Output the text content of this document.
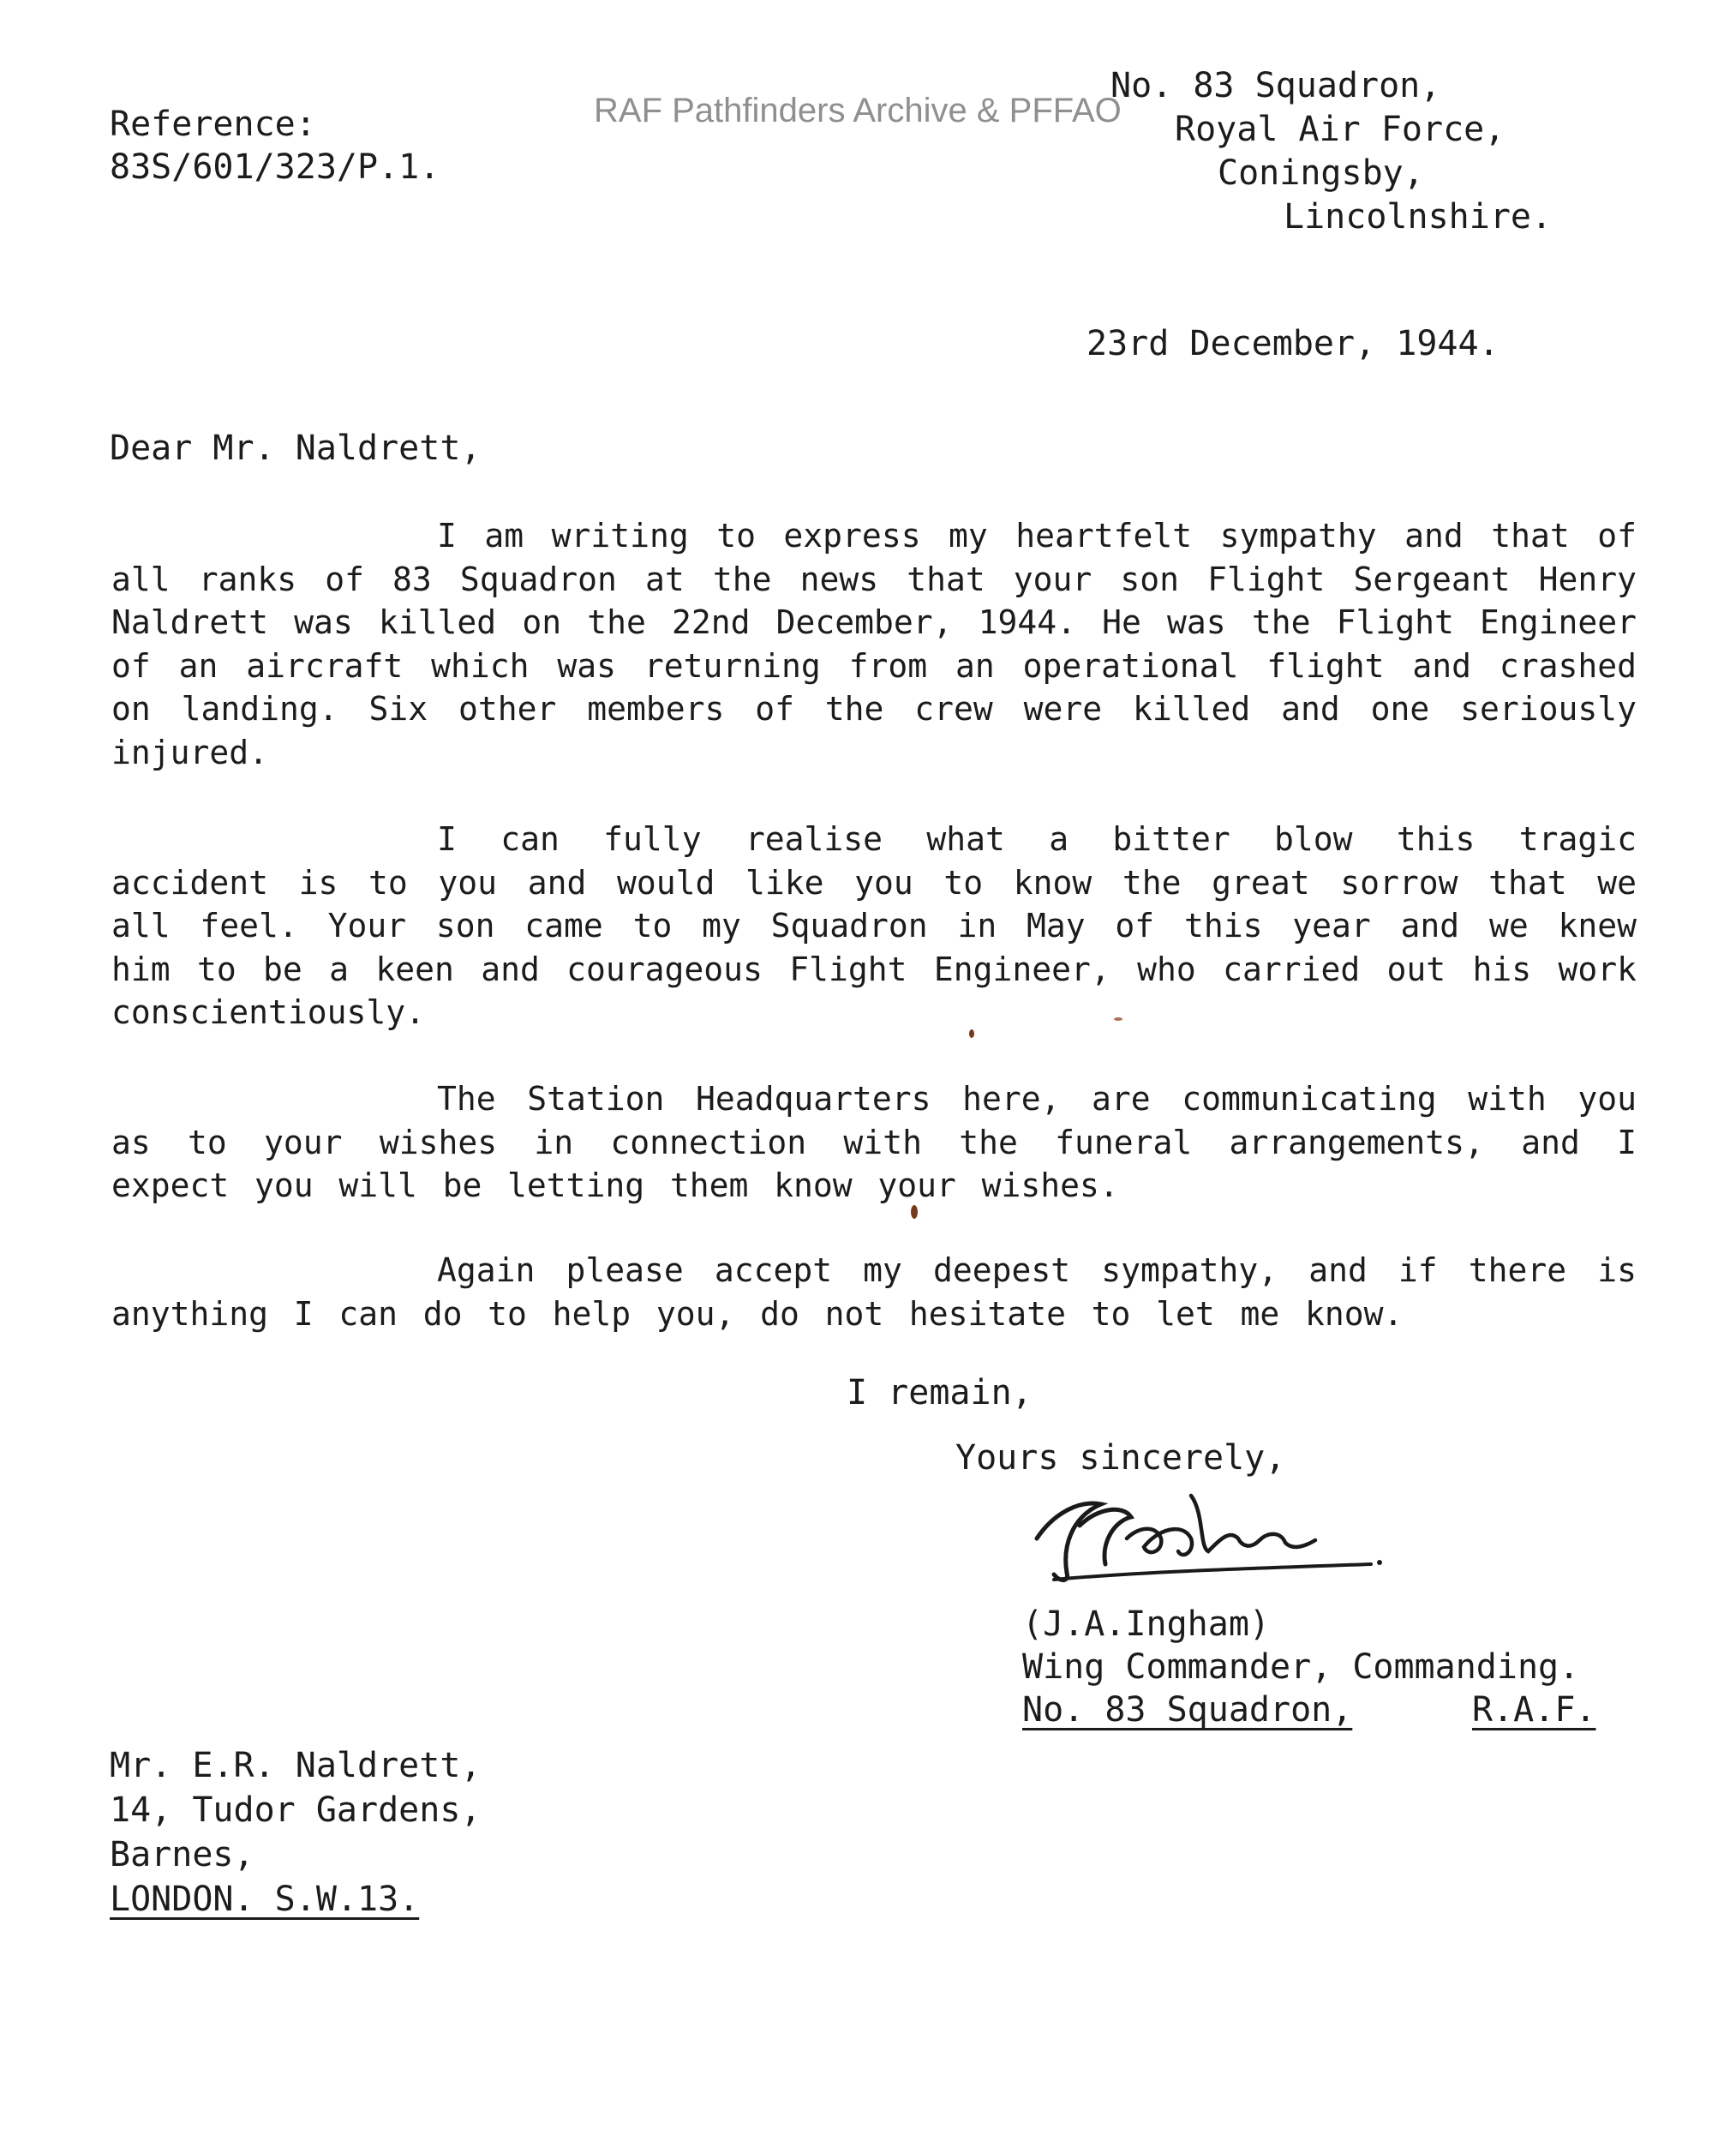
RAF Pathfinders Archive & PFFAO
Reference:
83S/601/323/P.1.
No. 83 Squadron,
Royal Air Force,
Coningsby,
Lincolnshire.
23rd December, 1944.
Dear Mr. Naldrett,

I am writing to express my heartfelt sympathy and that of all ranks of 83 Squadron at the news that your son Flight Sergeant Henry Naldrett was killed on the 22nd December, 1944. He was the Flight Engineer of an aircraft which was returning from an operational flight and crashed on landing. Six other members of the crew were killed and one seriously injured.

I can fully realise what a bitter blow this tragic accident is to you and would like you to know the great sorrow that we all feel. Your son came to my Squadron in May of this year and we knew him to be a keen and courageous Flight Engineer, who carried out his work conscientiously.

The Station Headquarters here, are communicating with you as to your wishes in connection with the funeral arrangements, and I expect you will be letting them know your wishes.

Again please accept my deepest sympathy, and if there is anything I can do to help you, do not hesitate to let me know.

I remain,
Yours sincerely,
(J.A.Ingham)
Wing Commander, Commanding.
No. 83 Squadron,	R.A.F.
Mr. E.R. Naldrett,
14, Tudor Gardens,
Barnes,
LONDON. S.W.13.
